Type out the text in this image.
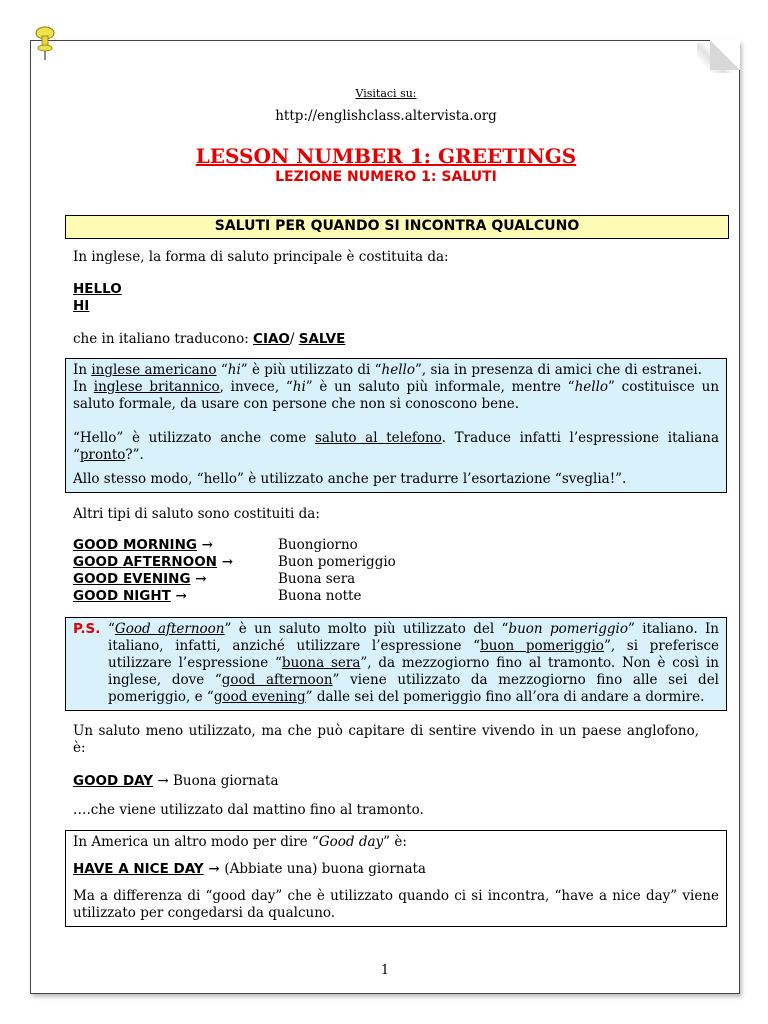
Visitaci su:
http://englishclass.altervista.org
LESSON NUMBER 1: GREETINGS
LEZIONE NUMERO 1: SALUTI
SALUTI PER QUANDO SI INCONTRA QUALCUNO

In inglese, la forma di saluto principale è costituita da:

HELLO

HI

che in italiano traducono: CIAO/ SALVE

In inglese americano “hi” è più utilizzato di “hello”, sia in presenza di amici che di estranei.

In inglese britannico, invece, “hi” è un saluto più informale, mentre “hello” costituisce un saluto formale, da usare con persone che non si conoscono bene.

“Hello” è utilizzato anche come saluto al telefono. Traduce infatti l’espressione italiana “pronto?”.

Allo stesso modo, “hello” è utilizzato anche per tradurre l’esortazione “sveglia!”.

Altri tipi di saluto sono costituiti da:

GOOD MORNING →	Buongiorno
GOOD AFTERNOON →	Buon pomeriggio
GOOD EVENING →	Buona sera
GOOD NIGHT →	Buona notte
P.S. “Good afternoon” è un saluto molto più utilizzato del “buon pomeriggio” italiano. In italiano, infatti, anziché utilizzare l’espressione “buon pomeriggio”, si preferisce utilizzare l’espressione “buona sera”, da mezzogiorno fino al tramonto. Non è così in inglese, dove “good afternoon” viene utilizzato da mezzogiorno fino alle sei del pomeriggio, e “good evening” dalle sei del pomeriggio fino all’ora di andare a dormire.

Un saluto meno utilizzato, ma che può capitare di sentire vivendo in un paese anglofono, è:

GOOD DAY → Buona giornata

….che viene utilizzato dal mattino fino al tramonto.

In America un altro modo per dire “Good day” è:

HAVE A NICE DAY → (Abbiate una) buona giornata

Ma a differenza di “good day” che è utilizzato quando ci si incontra, “have a nice day” viene utilizzato per congedarsi da qualcuno.

1
